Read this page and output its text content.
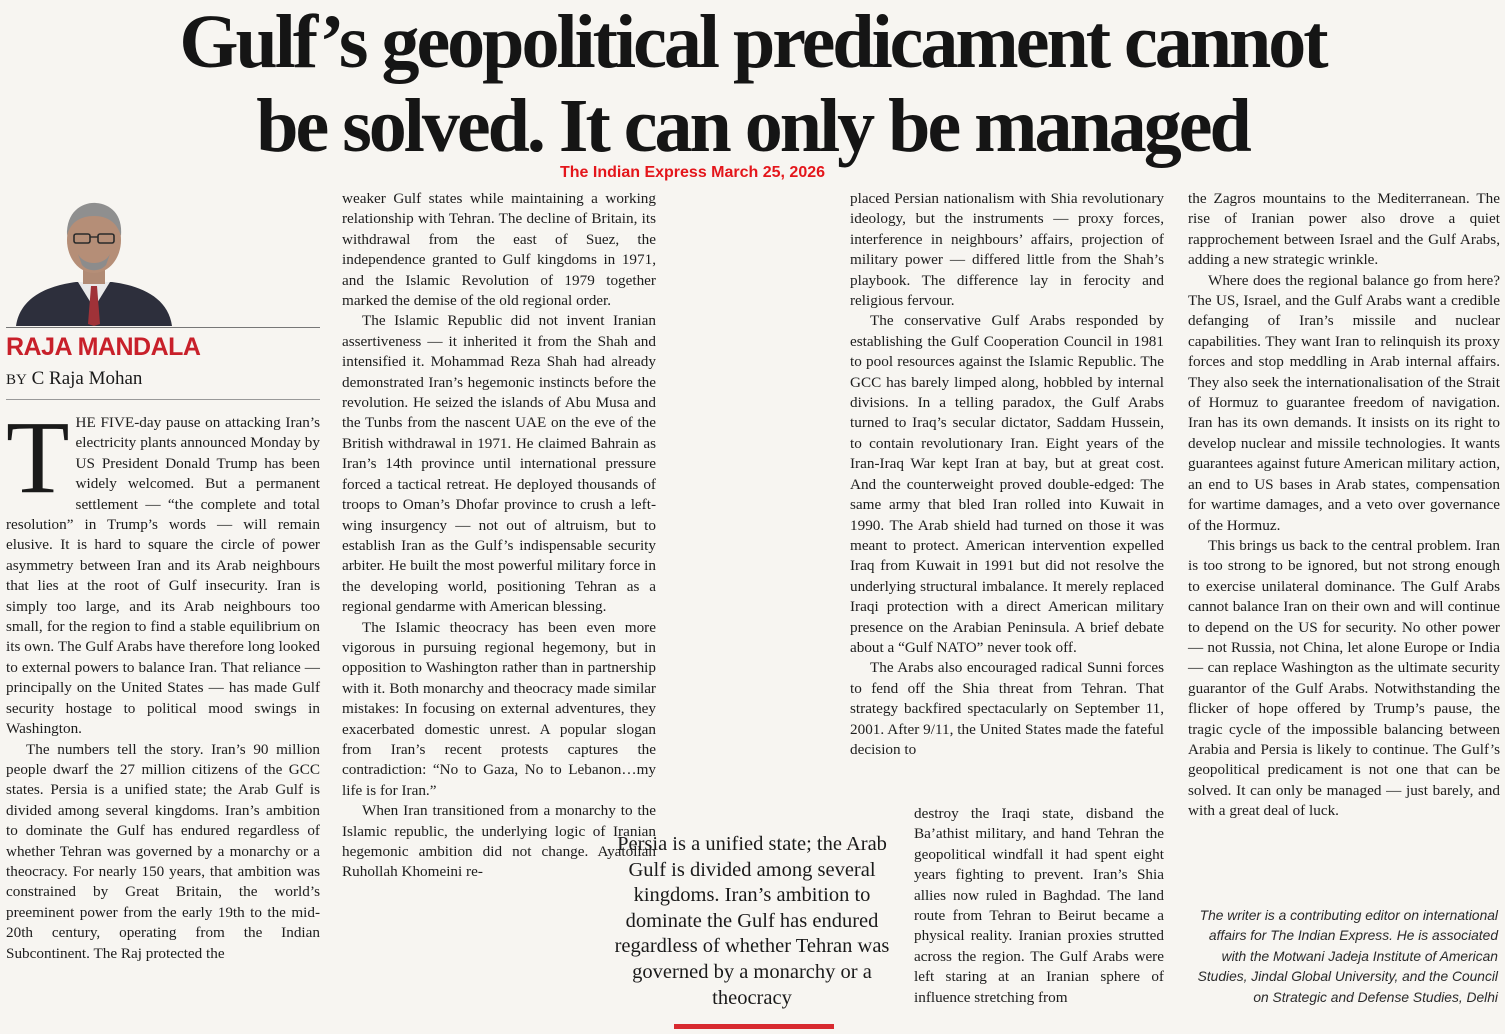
Gulf’s geopolitical predicament cannot
be solved. It can only be managed
The Indian Express March 25, 2026
RAJA MANDALA
BY C Raja Mohan

THE FIVE-day pause on attacking Iran’s electricity plants announced Monday by US President Donald Trump has been widely welcomed. But a permanent settlement — “the complete and total resolution” in Trump’s words — will remain elusive. It is hard to square the circle of power asymmetry between Iran and its Arab neighbours that lies at the root of Gulf insecurity. Iran is simply too large, and its Arab neighbours too small, for the region to find a stable equilibrium on its own. The Gulf Arabs have therefore long looked to external powers to balance Iran. That reliance — principally on the United States — has made Gulf security hostage to political mood swings in Washington.

The numbers tell the story. Iran’s 90 million people dwarf the 27 million citizens of the GCC states. Persia is a unified state; the Arab Gulf is divided among several kingdoms. Iran’s ambition to dominate the Gulf has endured regardless of whether Tehran was governed by a monarchy or a theocracy. For nearly 150 years, that ambition was constrained by Great Britain, the world’s preeminent power from the early 19th to the mid-20th century, operating from the Indian Subcontinent. The Raj protected the

weaker Gulf states while maintaining a working relationship with Tehran. The decline of Britain, its withdrawal from the east of Suez, the independence granted to Gulf kingdoms in 1971, and the Islamic Revolution of 1979 together marked the demise of the old regional order.

The Islamic Republic did not invent Iranian assertiveness — it inherited it from the Shah and intensified it. Mohammad Reza Shah had already demonstrated Iran’s hegemonic instincts before the revolution. He seized the islands of Abu Musa and the Tunbs from the nascent UAE on the eve of the British withdrawal in 1971. He claimed Bahrain as Iran’s 14th province until international pressure forced a tactical retreat. He deployed thousands of troops to Oman’s Dhofar province to crush a left-wing insurgency — not out of altruism, but to establish Iran as the Gulf’s indispensable security arbiter. He built the most powerful military force in the developing world, positioning Tehran as a regional gendarme with American blessing.

The Islamic theocracy has been even more vigorous in pursuing regional hegemony, but in opposition to Washington rather than in partnership with it. Both monarchy and theocracy made similar mistakes: In focusing on external adventures, they exacerbated domestic unrest. A popular slogan from Iran’s recent protests captures the contradiction: “No to Gaza, No to Lebanon…my life is for Iran.”

When Iran transitioned from a monarchy to the Islamic republic, the underlying logic of Iranian hegemonic ambition did not change. Ayatollah Ruhollah Khomeini re-

placed Persian nationalism with Shia revolutionary ideology, but the instruments — proxy forces, interference in neighbours’ affairs, projection of military power — differed little from the Shah’s playbook. The difference lay in ferocity and religious fervour.

The conservative Gulf Arabs responded by establishing the Gulf Cooperation Council in 1981 to pool resources against the Islamic Republic. The GCC has barely limped along, hobbled by internal divisions. In a telling paradox, the Gulf Arabs turned to Iraq’s secular dictator, Saddam Hussein, to contain revolutionary Iran. Eight years of the Iran-Iraq War kept Iran at bay, but at great cost. And the counterweight proved double-edged: The same army that bled Iran rolled into Kuwait in 1990. The Arab shield had turned on those it was meant to protect. American intervention expelled Iraq from Kuwait in 1991 but did not resolve the underlying structural imbalance. It merely replaced Iraqi protection with a direct American military presence on the Arabian Peninsula. A brief debate about a “Gulf NATO” never took off.

The Arabs also encouraged radical Sunni forces to fend off the Shia threat from Tehran. That strategy backfired spectacularly on September 11, 2001. After 9/11, the United States made the fateful decision to

destroy the Iraqi state, disband the Ba’athist military, and hand Tehran the geopolitical windfall it had spent eight years fighting to prevent. Iran’s Shia allies now ruled in Baghdad. The land route from Tehran to Beirut became a physical reality. Iranian proxies strutted across the region. The Gulf Arabs were left staring at an Iranian sphere of influence stretching from

Persia is a unified state; the Arab Gulf is divided among several kingdoms. Iran’s ambition to dominate the Gulf has endured regardless of whether Tehran was governed by a monarchy or a theocracy

the Zagros mountains to the Mediterranean. The rise of Iranian power also drove a quiet rapprochement between Israel and the Gulf Arabs, adding a new strategic wrinkle.

Where does the regional balance go from here? The US, Israel, and the Gulf Arabs want a credible defanging of Iran’s missile and nuclear capabilities. They want Iran to relinquish its proxy forces and stop meddling in Arab internal affairs. They also seek the internationalisation of the Strait of Hormuz to guarantee freedom of navigation. Iran has its own demands. It insists on its right to develop nuclear and missile technologies. It wants guarantees against future American military action, an end to US bases in Arab states, compensation for wartime damages, and a veto over governance of the Hormuz.

This brings us back to the central problem. Iran is too strong to be ignored, but not strong enough to exercise unilateral dominance. The Gulf Arabs cannot balance Iran on their own and will continue to depend on the US for security. No other power — not Russia, not China, let alone Europe or India — can replace Washington as the ultimate security guarantor of the Gulf Arabs. Notwithstanding the flicker of hope offered by Trump’s pause, the tragic cycle of the impossible balancing between Arabia and Persia is likely to continue. The Gulf’s geopolitical predicament is not one that can be solved. It can only be managed — just barely, and with a great deal of luck.

The writer is a contributing editor on international affairs for The Indian Express. He is associated with the Motwani Jadeja Institute of American Studies, Jindal Global University, and the Council on Strategic and Defense Studies, Delhi
